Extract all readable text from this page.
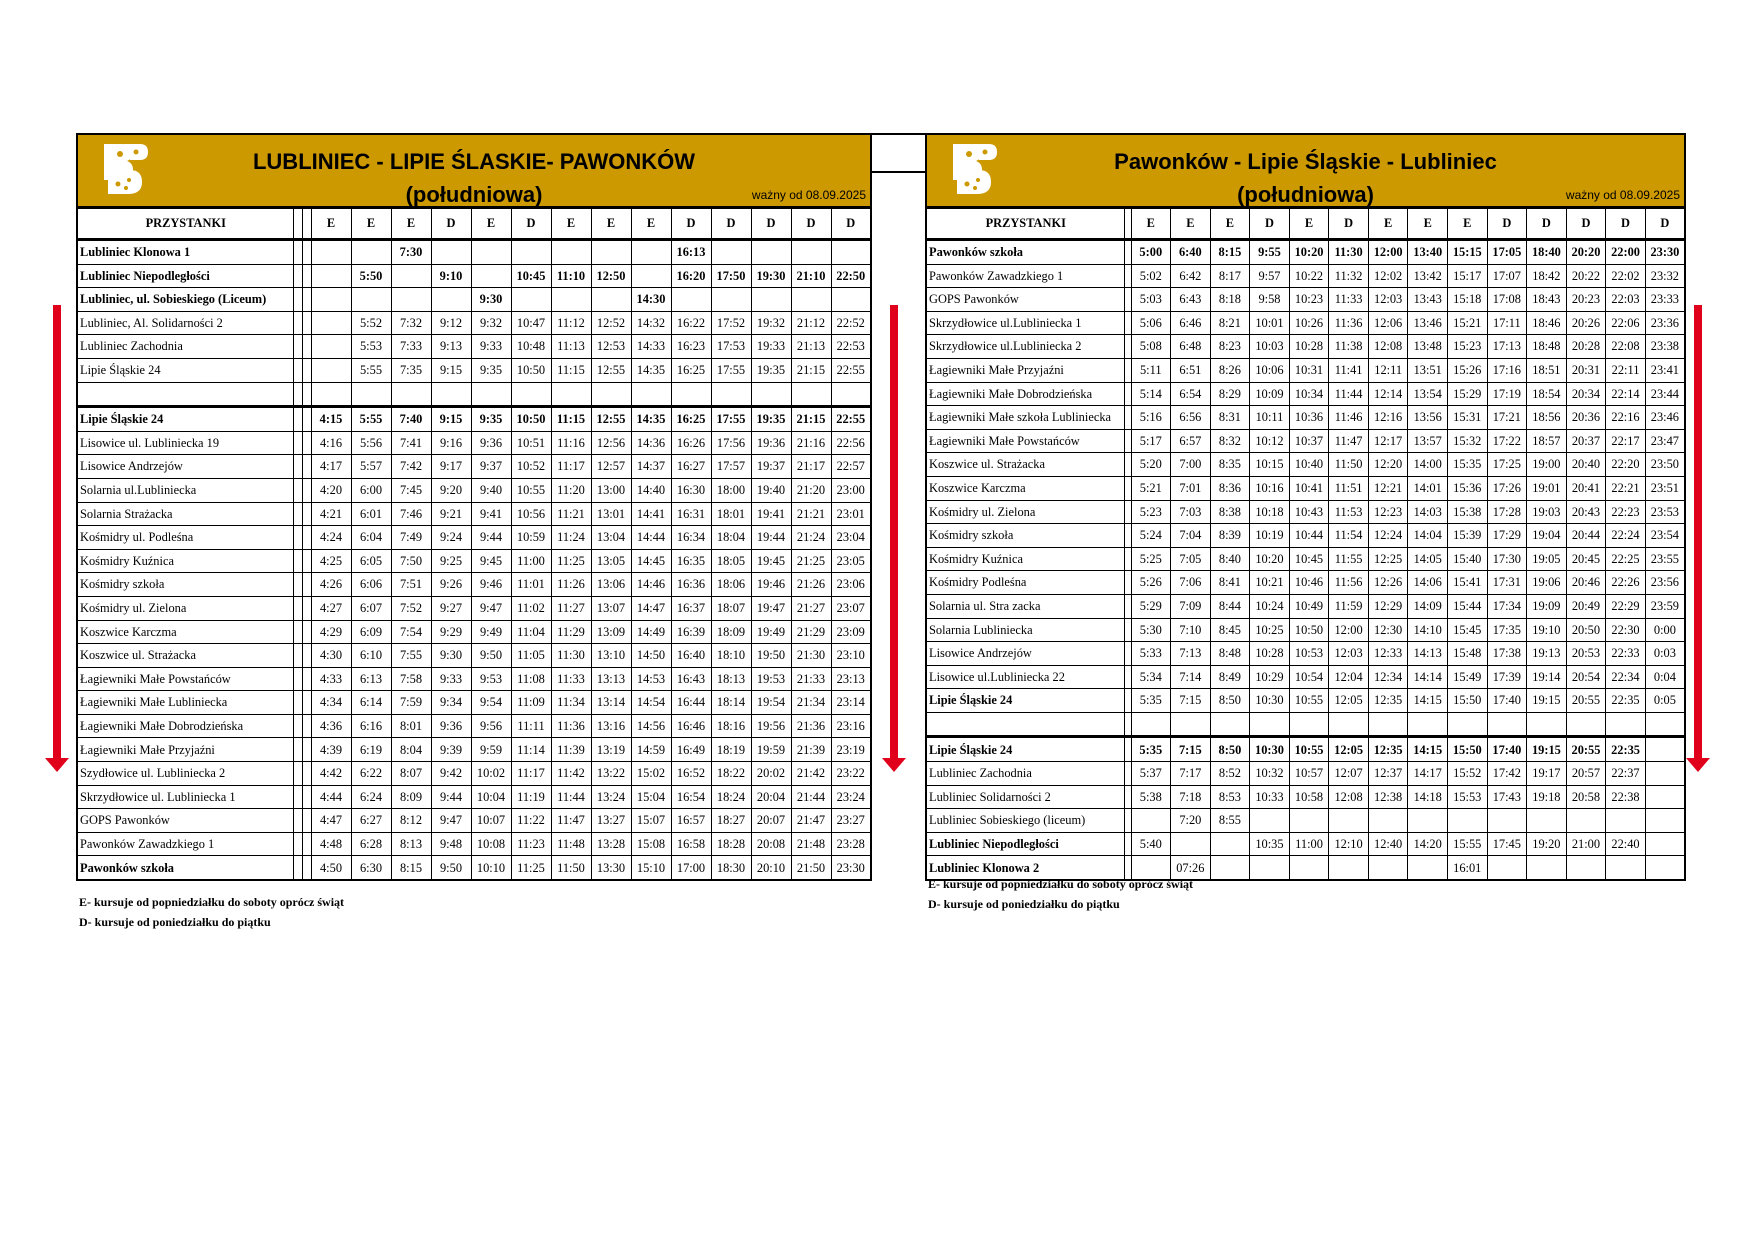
LUBLINIEC - LIPIE ŚLASKIE- PAWONKÓW
(południowa)	ważny od 08.09.2025
PRZYSTANKI			E	E	E	D	E	D	E	E	E	D	D	D	D	D
Lubliniec Klonowa 1					7:30							16:13				
Lubliniec Niepodległości				5:50		9:10		10:45	11:10	12:50		16:20	17:50	19:30	21:10	22:50
Lubliniec, ul. Sobieskiego (Liceum)							9:30				14:30					
Lubliniec, Al. Solidarności 2				5:52	7:32	9:12	9:32	10:47	11:12	12:52	14:32	16:22	17:52	19:32	21:12	22:52
Lubliniec Zachodnia				5:53	7:33	9:13	9:33	10:48	11:13	12:53	14:33	16:23	17:53	19:33	21:13	22:53
Lipie Śląskie 24				5:55	7:35	9:15	9:35	10:50	11:15	12:55	14:35	16:25	17:55	19:35	21:15	22:55

Lipie Śląskie 24			4:15	5:55	7:40	9:15	9:35	10:50	11:15	12:55	14:35	16:25	17:55	19:35	21:15	22:55
Lisowice ul. Lubliniecka 19			4:16	5:56	7:41	9:16	9:36	10:51	11:16	12:56	14:36	16:26	17:56	19:36	21:16	22:56
Lisowice Andrzejów			4:17	5:57	7:42	9:17	9:37	10:52	11:17	12:57	14:37	16:27	17:57	19:37	21:17	22:57
Solarnia ul.Lubliniecka			4:20	6:00	7:45	9:20	9:40	10:55	11:20	13:00	14:40	16:30	18:00	19:40	21:20	23:00
Solarnia Strażacka			4:21	6:01	7:46	9:21	9:41	10:56	11:21	13:01	14:41	16:31	18:01	19:41	21:21	23:01
Kośmidry ul. Podleśna			4:24	6:04	7:49	9:24	9:44	10:59	11:24	13:04	14:44	16:34	18:04	19:44	21:24	23:04
Kośmidry Kuźnica			4:25	6:05	7:50	9:25	9:45	11:00	11:25	13:05	14:45	16:35	18:05	19:45	21:25	23:05
Kośmidry szkoła			4:26	6:06	7:51	9:26	9:46	11:01	11:26	13:06	14:46	16:36	18:06	19:46	21:26	23:06
Kośmidry ul. Zielona			4:27	6:07	7:52	9:27	9:47	11:02	11:27	13:07	14:47	16:37	18:07	19:47	21:27	23:07
Koszwice Karczma			4:29	6:09	7:54	9:29	9:49	11:04	11:29	13:09	14:49	16:39	18:09	19:49	21:29	23:09
Koszwice ul. Strażacka			4:30	6:10	7:55	9:30	9:50	11:05	11:30	13:10	14:50	16:40	18:10	19:50	21:30	23:10
Łagiewniki Małe Powstańców			4:33	6:13	7:58	9:33	9:53	11:08	11:33	13:13	14:53	16:43	18:13	19:53	21:33	23:13
Łagiewniki Małe Lubliniecka			4:34	6:14	7:59	9:34	9:54	11:09	11:34	13:14	14:54	16:44	18:14	19:54	21:34	23:14
Łagiewniki Małe Dobrodzieńska			4:36	6:16	8:01	9:36	9:56	11:11	11:36	13:16	14:56	16:46	18:16	19:56	21:36	23:16
Łagiewniki Małe Przyjaźni			4:39	6:19	8:04	9:39	9:59	11:14	11:39	13:19	14:59	16:49	18:19	19:59	21:39	23:19
Szydłowice ul. Lubliniecka 2			4:42	6:22	8:07	9:42	10:02	11:17	11:42	13:22	15:02	16:52	18:22	20:02	21:42	23:22
Skrzydłowice ul. Lubliniecka 1			4:44	6:24	8:09	9:44	10:04	11:19	11:44	13:24	15:04	16:54	18:24	20:04	21:44	23:24
GOPS Pawonków			4:47	6:27	8:12	9:47	10:07	11:22	11:47	13:27	15:07	16:57	18:27	20:07	21:47	23:27
Pawonków Zawadzkiego 1			4:48	6:28	8:13	9:48	10:08	11:23	11:48	13:28	15:08	16:58	18:28	20:08	21:48	23:28
Pawonków szkoła			4:50	6:30	8:15	9:50	10:10	11:25	11:50	13:30	15:10	17:00	18:30	20:10	21:50	23:30
Pawonków - Lipie Śląskie - Lubliniec
(południowa)	ważny od 08.09.2025
PRZYSTANKI		E	E	E	D	E	D	E	E	E	D	D	D	D	D
Pawonków szkoła		5:00	6:40	8:15	9:55	10:20	11:30	12:00	13:40	15:15	17:05	18:40	20:20	22:00	23:30
Pawonków Zawadzkiego 1		5:02	6:42	8:17	9:57	10:22	11:32	12:02	13:42	15:17	17:07	18:42	20:22	22:02	23:32
GOPS Pawonków		5:03	6:43	8:18	9:58	10:23	11:33	12:03	13:43	15:18	17:08	18:43	20:23	22:03	23:33
Skrzydłowice ul.Lubliniecka 1		5:06	6:46	8:21	10:01	10:26	11:36	12:06	13:46	15:21	17:11	18:46	20:26	22:06	23:36
Skrzydłowice ul.Lubliniecka 2		5:08	6:48	8:23	10:03	10:28	11:38	12:08	13:48	15:23	17:13	18:48	20:28	22:08	23:38
Łagiewniki Małe Przyjaźni		5:11	6:51	8:26	10:06	10:31	11:41	12:11	13:51	15:26	17:16	18:51	20:31	22:11	23:41
Łagiewniki Małe Dobrodzieńska		5:14	6:54	8:29	10:09	10:34	11:44	12:14	13:54	15:29	17:19	18:54	20:34	22:14	23:44
Łagiewniki Małe szkoła Lubliniecka		5:16	6:56	8:31	10:11	10:36	11:46	12:16	13:56	15:31	17:21	18:56	20:36	22:16	23:46
Łagiewniki Małe Powstańców		5:17	6:57	8:32	10:12	10:37	11:47	12:17	13:57	15:32	17:22	18:57	20:37	22:17	23:47
Koszwice ul. Strażacka		5:20	7:00	8:35	10:15	10:40	11:50	12:20	14:00	15:35	17:25	19:00	20:40	22:20	23:50
Koszwice Karczma		5:21	7:01	8:36	10:16	10:41	11:51	12:21	14:01	15:36	17:26	19:01	20:41	22:21	23:51
Kośmidry ul. Zielona		5:23	7:03	8:38	10:18	10:43	11:53	12:23	14:03	15:38	17:28	19:03	20:43	22:23	23:53
Kośmidry szkoła		5:24	7:04	8:39	10:19	10:44	11:54	12:24	14:04	15:39	17:29	19:04	20:44	22:24	23:54
Kośmidry Kuźnica		5:25	7:05	8:40	10:20	10:45	11:55	12:25	14:05	15:40	17:30	19:05	20:45	22:25	23:55
Kośmidry Podleśna		5:26	7:06	8:41	10:21	10:46	11:56	12:26	14:06	15:41	17:31	19:06	20:46	22:26	23:56
Solarnia ul. Stra zacka		5:29	7:09	8:44	10:24	10:49	11:59	12:29	14:09	15:44	17:34	19:09	20:49	22:29	23:59
Solarnia Lubliniecka		5:30	7:10	8:45	10:25	10:50	12:00	12:30	14:10	15:45	17:35	19:10	20:50	22:30	0:00
Lisowice Andrzejów		5:33	7:13	8:48	10:28	10:53	12:03	12:33	14:13	15:48	17:38	19:13	20:53	22:33	0:03
Lisowice ul.Lubliniecka 22		5:34	7:14	8:49	10:29	10:54	12:04	12:34	14:14	15:49	17:39	19:14	20:54	22:34	0:04
Lipie Śląskie 24		5:35	7:15	8:50	10:30	10:55	12:05	12:35	14:15	15:50	17:40	19:15	20:55	22:35	0:05

Lipie Śląskie 24		5:35	7:15	8:50	10:30	10:55	12:05	12:35	14:15	15:50	17:40	19:15	20:55	22:35	
Lubliniec Zachodnia		5:37	7:17	8:52	10:32	10:57	12:07	12:37	14:17	15:52	17:42	19:17	20:57	22:37	
Lubliniec Solidarności 2		5:38	7:18	8:53	10:33	10:58	12:08	12:38	14:18	15:53	17:43	19:18	20:58	22:38	
Lubliniec Sobieskiego (liceum)			7:20	8:55											
Lubliniec Niepodległości		5:40			10:35	11:00	12:10	12:40	14:20	15:55	17:45	19:20	21:00	22:40	
Lubliniec Klonowa 2			07:26							16:01					
E- kursuje od popniedziałku do soboty oprócz świąt
D- kursuje od poniedziałku do piątku
E- kursuje od popniedziałku do soboty oprócz świąt
D- kursuje od poniedziałku do piątku
